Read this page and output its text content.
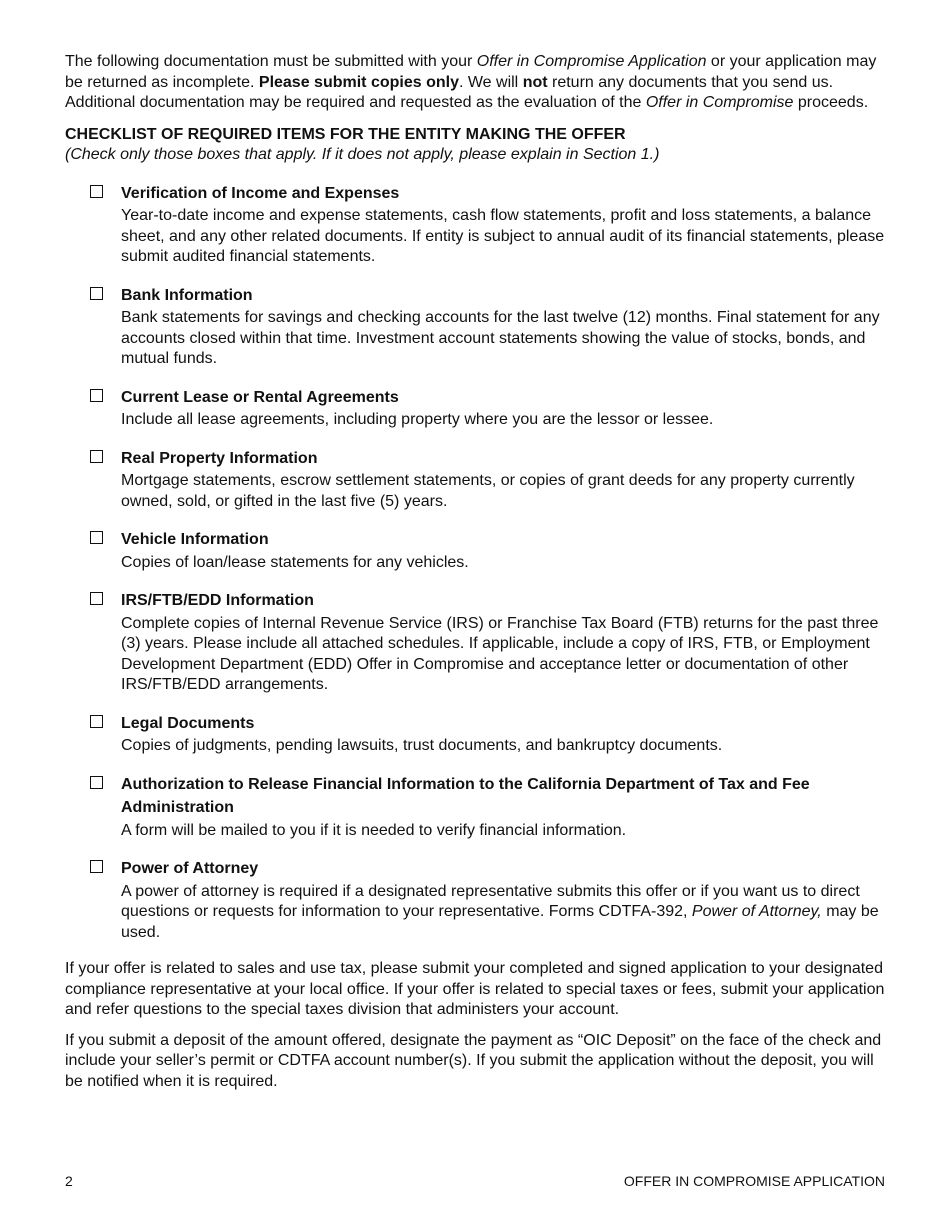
The following documentation must be submitted with your Offer in Compromise Application or your application may be returned as incomplete. Please submit copies only. We will not return any documents that you send us. Additional documentation may be required and requested as the evaluation of the Offer in Compromise proceeds.

CHECKLIST OF REQUIRED ITEMS FOR THE ENTITY MAKING THE OFFER

(Check only those boxes that apply. If it does not apply, please explain in Section 1.)

Verification of Income and Expenses

Year-to-date income and expense statements, cash flow statements, profit and loss statements, a balance sheet, and any other related documents. If entity is subject to annual audit of its financial statements, please submit audited financial statements.

Bank Information

Bank statements for savings and checking accounts for the last twelve (12) months. Final statement for any accounts closed within that time. Investment account statements showing the value of stocks, bonds, and mutual funds.

Current Lease or Rental Agreements

Include all lease agreements, including property where you are the lessor or lessee.

Real Property Information

Mortgage statements, escrow settlement statements, or copies of grant deeds for any property currently owned, sold, or gifted in the last five (5) years.

Vehicle Information

Copies of loan/lease statements for any vehicles.

IRS/FTB/EDD Information

Complete copies of Internal Revenue Service (IRS) or Franchise Tax Board (FTB) returns for the past three (3) years. Please include all attached schedules. If applicable, include a copy of IRS, FTB, or Employment Development Department (EDD) Offer in Compromise and acceptance letter or documentation of other IRS/FTB/EDD arrangements.

Legal Documents

Copies of judgments, pending lawsuits, trust documents, and bankruptcy documents.

Authorization to Release Financial Information to the California Department of Tax and Fee Administration

A form will be mailed to you if it is needed to verify financial information.

Power of Attorney

A power of attorney is required if a designated representative submits this offer or if you want us to direct questions or requests for information to your representative. Forms CDTFA-392, Power of Attorney, may be used.

If your offer is related to sales and use tax, please submit your completed and signed application to your designated compliance representative at your local office. If your offer is related to special taxes or fees, submit your application and refer questions to the special taxes division that administers your account.

If you submit a deposit of the amount offered, designate the payment as “OIC Deposit” on the face of the check and include your seller’s permit or CDTFA account number(s). If you submit the application without the deposit, you will be notified when it is required.

2	OFFER IN COMPROMISE APPLICATION
